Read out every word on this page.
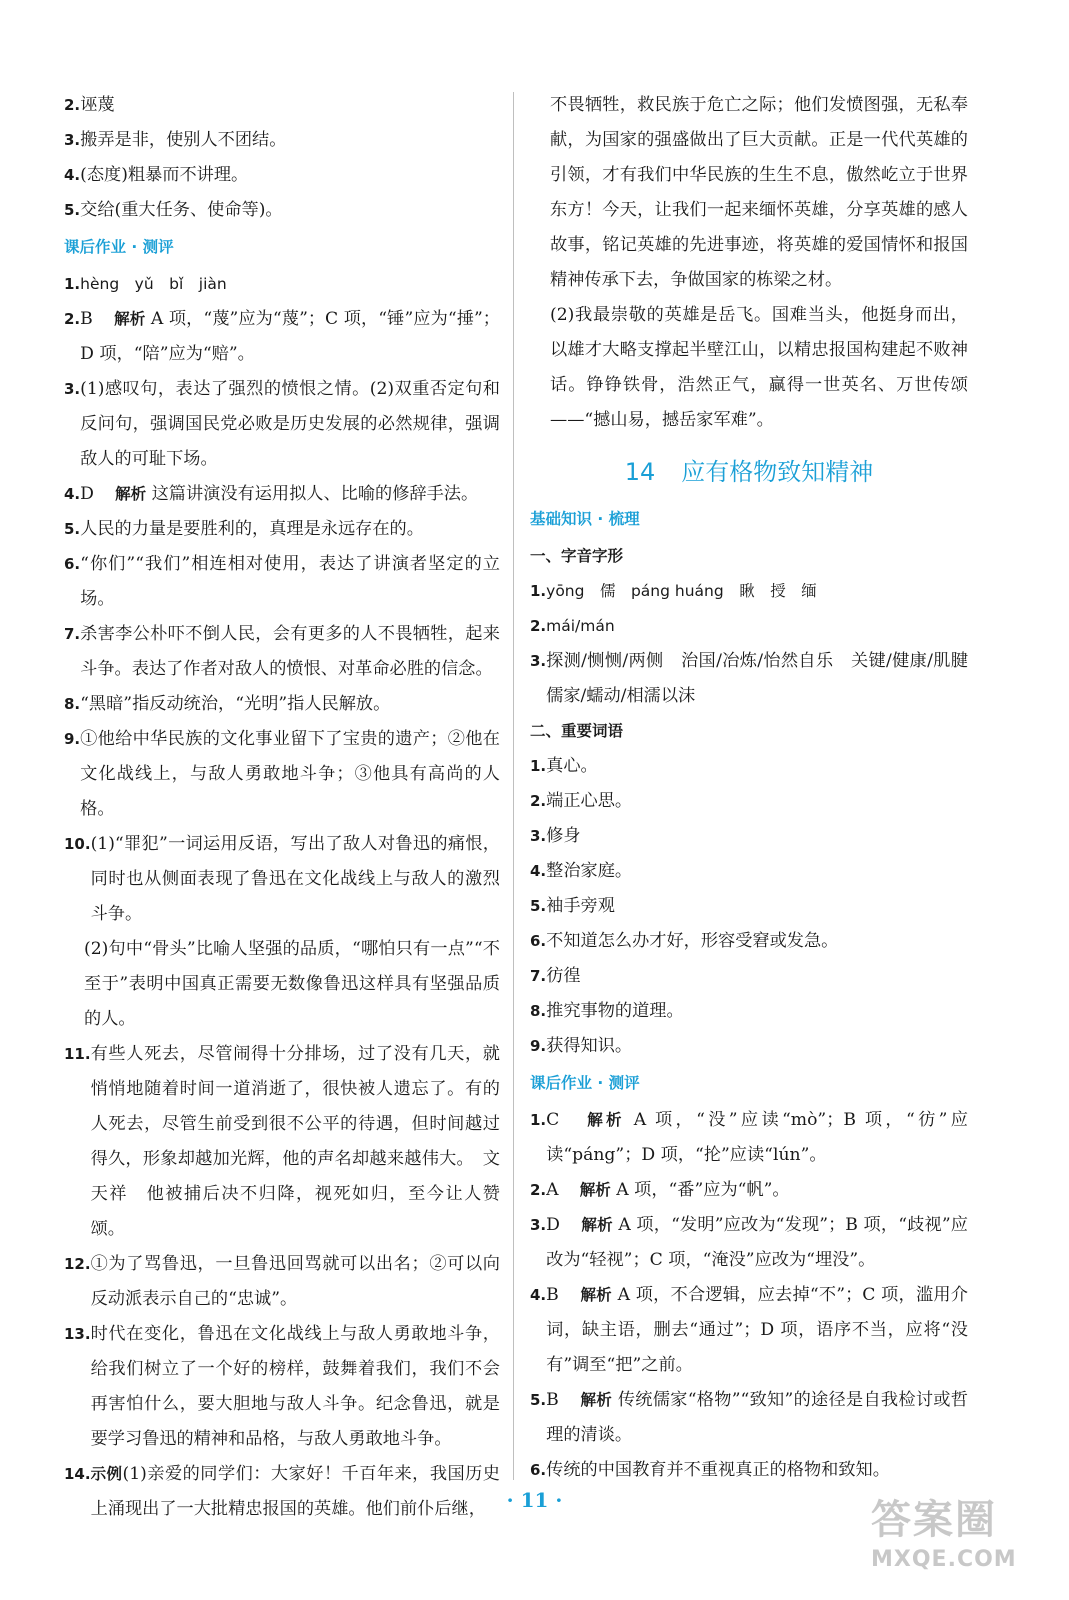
2. 诬蔑
3. 搬弄是非，使别人不团结。
4. (态度)粗暴而不讲理。
5. 交给(重大任务、使命等)。
课后作业 · 测评
1. hèng　yǔ　bǐ　jiàn
2. B　 解析 A 项，“蔑”应为“蔑”；C 项，“锤”应为“捶”；D 项，“陪”应为“赔”。
3. (1)感叹句，表达了强烈的愤恨之情。(2)双重否定句和反问句，强调国民党必败是历史发展的必然规律，强调敌人的可耻下场。
4. D　 解析 这篇讲演没有运用拟人、比喻的修辞手法。
5. 人民的力量是要胜利的，真理是永远存在的。
6. “你们”“我们”相连相对使用，表达了讲演者坚定的立场。
7. 杀害李公朴吓不倒人民，会有更多的人不畏牺牲，起来斗争。表达了作者对敌人的愤恨、对革命必胜的信念。
8. “黑暗”指反动统治，“光明”指人民解放。
9. ①他给中华民族的文化事业留下了宝贵的遗产；②他在文化战线上，与敌人勇敢地斗争；③他具有高尚的人格。
10. (1)“罪犯”一词运用反语，写出了敌人对鲁迅的痛恨，同时也从侧面表现了鲁迅在文化战线上与敌人的激烈斗争。
(2)句中“骨头”比喻人坚强的品质，“哪怕只有一点”“不至于”表明中国真正需要无数像鲁迅这样具有坚强品质的人。
11. 有些人死去，尽管闹得十分排场，过了没有几天，就悄悄地随着时间一道消逝了，很快被人遗忘了。有的人死去，尽管生前受到很不公平的待遇，但时间越过得久，形象却越加光辉，他的声名却越来越伟大。　文天祥　他被捕后决不归降，视死如归，至今让人赞颂。
12. ①为了骂鲁迅，一旦鲁迅回骂就可以出名；②可以向反动派表示自己的“忠诚”。
13. 时代在变化，鲁迅在文化战线上与敌人勇敢地斗争，给我们树立了一个好的榜样，鼓舞着我们，我们不会再害怕什么，要大胆地与敌人斗争。纪念鲁迅，就是要学习鲁迅的精神和品格，与敌人勇敢地斗争。
14. 示例(1)亲爱的同学们：大家好！千百年来，我国历史上涌现出了一大批精忠报国的英雄。他们前仆后继，
不畏牺牲，救民族于危亡之际；他们发愤图强，无私奉献，为国家的强盛做出了巨大贡献。正是一代代英雄的引领，才有我们中华民族的生生不息，傲然屹立于世界东方！今天，让我们一起来缅怀英雄，分享英雄的感人故事，铭记英雄的先进事迹，将英雄的爱国情怀和报国精神传承下去，争做国家的栋梁之材。
(2)我最崇敬的英雄是岳飞。国难当头，他挺身而出，以雄才大略支撑起半壁江山，以精忠报国构建起不败神话。铮铮铁骨，浩然正气，赢得一世英名、万世传颂——“撼山易，撼岳家军难”。
14 应有格物致知精神
基础知识 · 梳理
一、字音字形
1. yōng　儒　páng huáng　瞅　授　缅
2. mái/mán
3. 探测/恻恻/两侧　治国/冶炼/怡然自乐　关键/健康/肌腱　儒家/蠕动/相濡以沫
二、重要词语
1. 真心。
2. 端正心思。
3. 修身
4. 整治家庭。
5. 袖手旁观
6. 不知道怎么办才好，形容受窘或发急。
7. 彷徨
8. 推究事物的道理。
9. 获得知识。
课后作业 · 测评
1. C　 解析 A 项，“没”应读“mò”；B 项，“彷”应读“páng”；D 项，“抡”应读“lún”。
2. A　 解析 A 项，“番”应为“帆”。
3. D　 解析 A 项，“发明”应改为“发现”；B 项，“歧视”应改为“轻视”；C 项，“淹没”应改为“埋没”。
4. B　 解析 A 项，不合逻辑，应去掉“不”；C 项，滥用介词，缺主语，删去“通过”；D 项，语序不当，应将“没有”调至“把”之前。
5. B　 解析 传统儒家“格物”“致知”的途径是自我检讨或哲理的清谈。
6. 传统的中国教育并不重视真正的格物和致知。
· 11 ·	答案圈
MXQE.COM
